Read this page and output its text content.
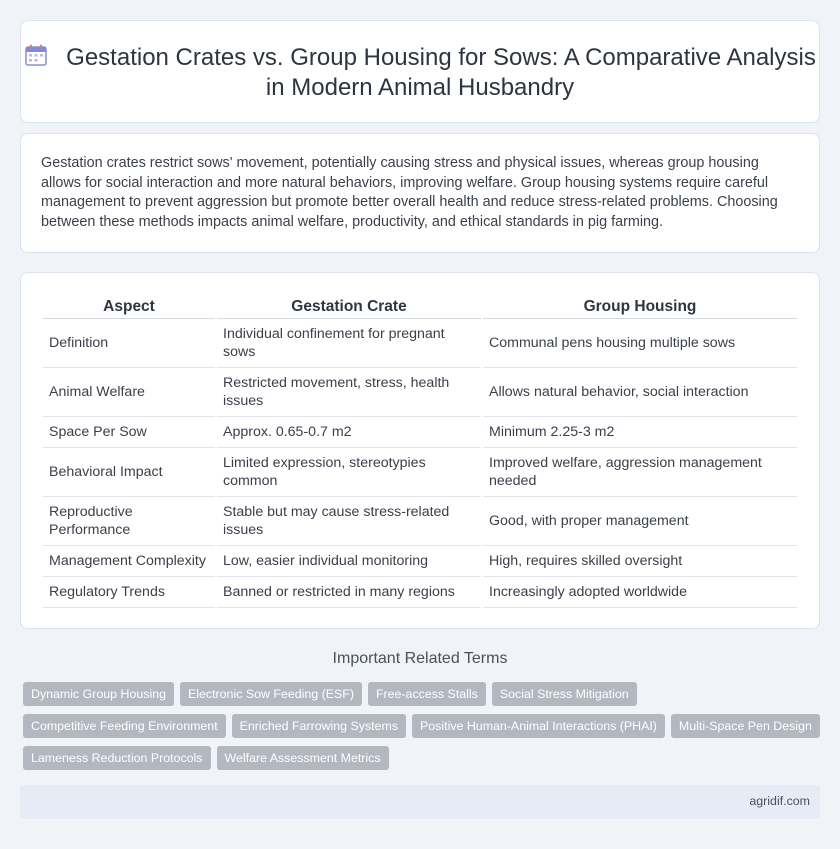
Gestation Crates vs. Group Housing for Sows: A Comparative Analysis in Modern Animal Husbandry

Gestation crates restrict sows' movement, potentially causing stress and physical issues, whereas group housing allows for social interaction and more natural behaviors, improving welfare. Group housing systems require careful management to prevent aggression but promote better overall health and reduce stress-related problems. Choosing between these methods impacts animal welfare, productivity, and ethical standards in pig farming.

Aspect	Gestation Crate	Group Housing
Definition	Individual confinement for pregnant sows	Communal pens housing multiple sows
Animal Welfare	Restricted movement, stress, health issues	Allows natural behavior, social interaction
Space Per Sow	Approx. 0.65-0.7 m2	Minimum 2.25-3 m2
Behavioral Impact	Limited expression, stereotypies common	Improved welfare, aggression management needed
Reproductive Performance	Stable but may cause stress-related issues	Good, with proper management
Management Complexity	Low, easier individual monitoring	High, requires skilled oversight
Regulatory Trends	Banned or restricted in many regions	Increasingly adopted worldwide
Important Related Terms
Dynamic Group Housing	Electronic Sow Feeding (ESF)	Free-access Stalls	Social Stress Mitigation
Competitive Feeding Environment	Enriched Farrowing Systems	Positive Human-Animal Interactions (PHAI)	Multi-Space Pen Design
Lameness Reduction Protocols	Welfare Assessment Metrics
agridif.com
